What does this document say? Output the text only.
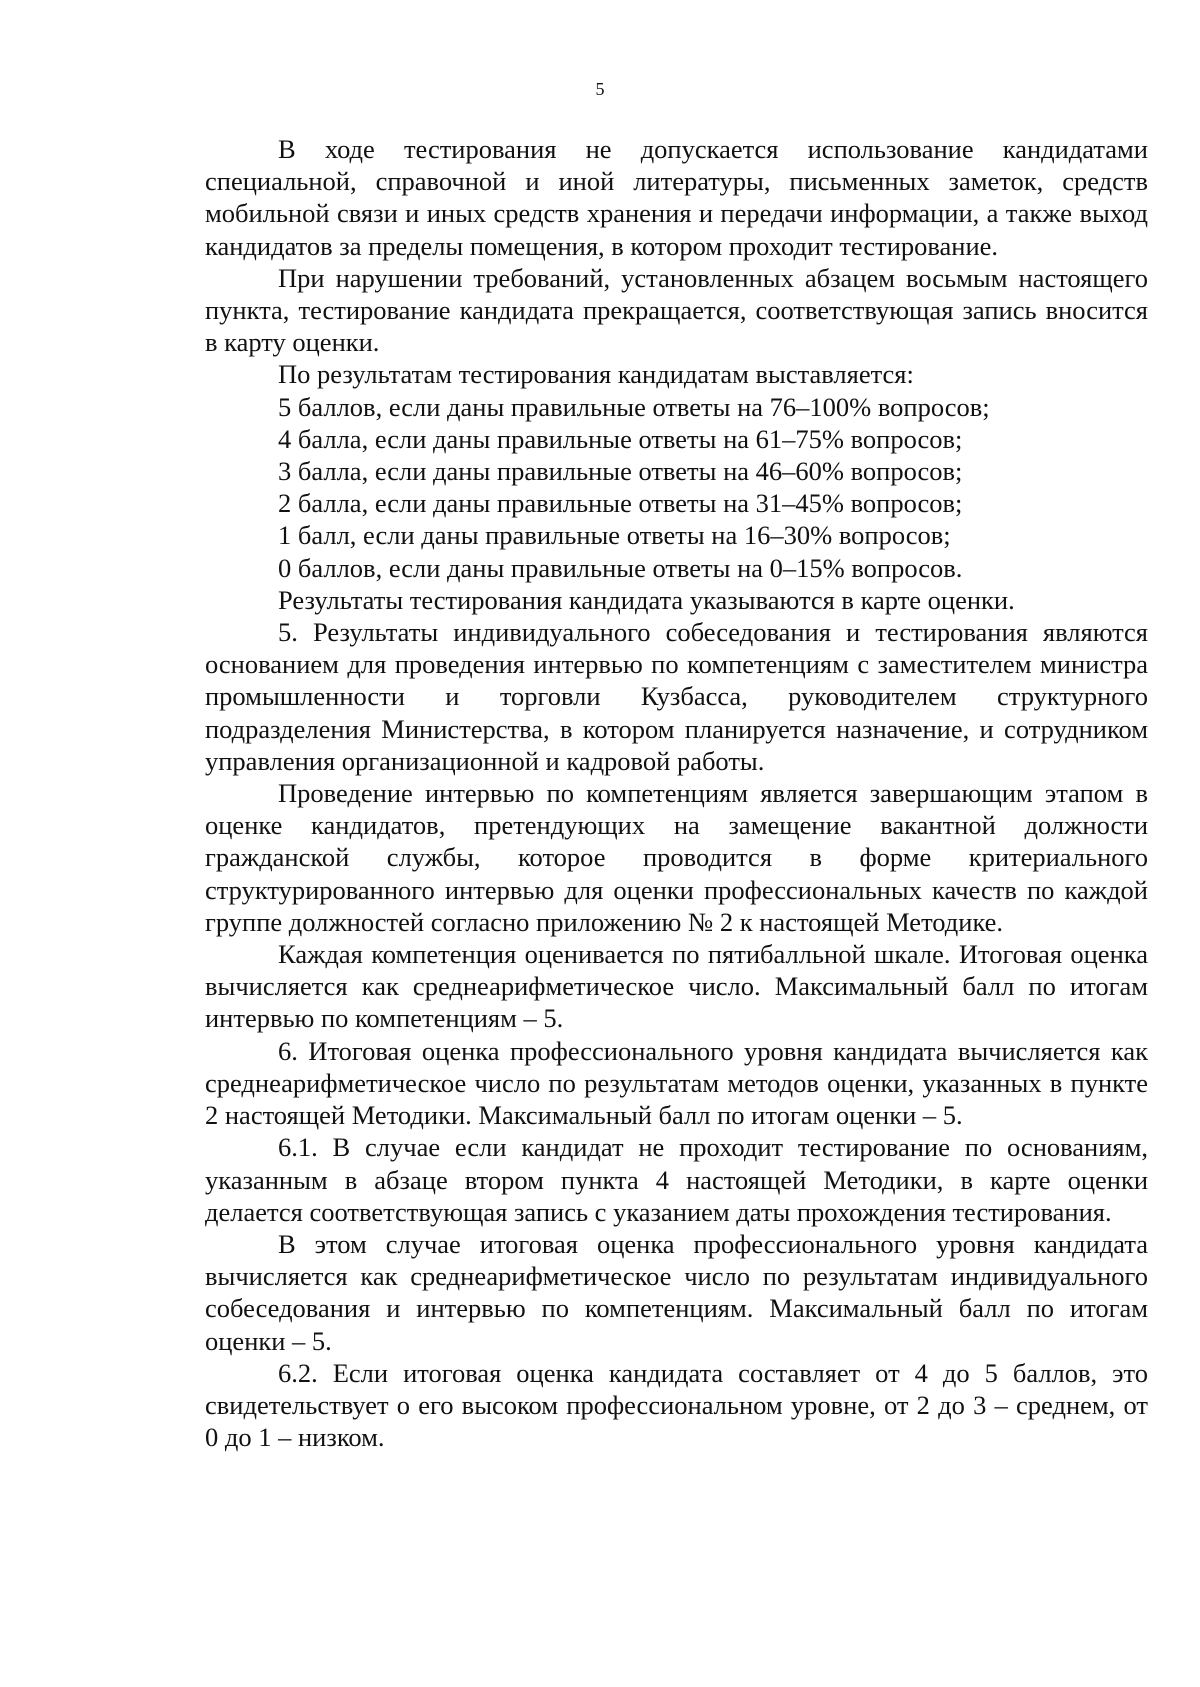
5

В ходе тестирования не допускается использование кандидатами специальной, справочной и иной литературы, письменных заметок, средств мобильной связи и иных средств хранения и передачи информации, а также выход кандидатов за пределы помещения, в котором проходит тестирование.

При нарушении требований, установленных абзацем восьмым настоящего пункта, тестирование кандидата прекращается, соответствующая запись вносится в карту оценки.

По результатам тестирования кандидатам выставляется:

5 баллов, если даны правильные ответы на 76–100% вопросов;

4 балла, если даны правильные ответы на 61–75% вопросов;

3 балла, если даны правильные ответы на 46–60% вопросов;

2 балла, если даны правильные ответы на 31–45% вопросов;

1 балл, если даны правильные ответы на 16–30% вопросов;

0 баллов, если даны правильные ответы на 0–15% вопросов.

Результаты тестирования кандидата указываются в карте оценки.

5. Результаты индивидуального собеседования и тестирования являются основанием для проведения интервью по компетенциям с заместителем министра промышленности и торговли Кузбасса, руководителем структурного подразделения Министерства, в котором планируется назначение, и сотрудником управления организационной и кадровой работы.

Проведение интервью по компетенциям является завершающим этапом в оценке кандидатов, претендующих на замещение вакантной должности гражданской службы, которое проводится в форме критериального структурированного интервью для оценки профессиональных качеств по каждой группе должностей согласно приложению № 2 к настоящей Методике.

Каждая компетенция оценивается по пятибалльной шкале. Итоговая оценка вычисляется как среднеарифметическое число. Максимальный балл по итогам интервью по компетенциям – 5.

6. Итоговая оценка профессионального уровня кандидата вычисляется как среднеарифметическое число по результатам методов оценки, указанных в пункте 2 настоящей Методики. Максимальный балл по итогам оценки – 5.

6.1. В случае если кандидат не проходит тестирование по основаниям, указанным в абзаце втором пункта 4 настоящей Методики, в карте оценки делается соответствующая запись с указанием даты прохождения тестирования.

В этом случае итоговая оценка профессионального уровня кандидата вычисляется как среднеарифметическое число по результатам индивидуального собеседования и интервью по компетенциям. Максимальный балл по итогам оценки – 5.

6.2. Если итоговая оценка кандидата составляет от 4 до 5 баллов, это свидетельствует о его высоком профессиональном уровне, от 2 до 3 – среднем, от 0 до 1 – низком.
